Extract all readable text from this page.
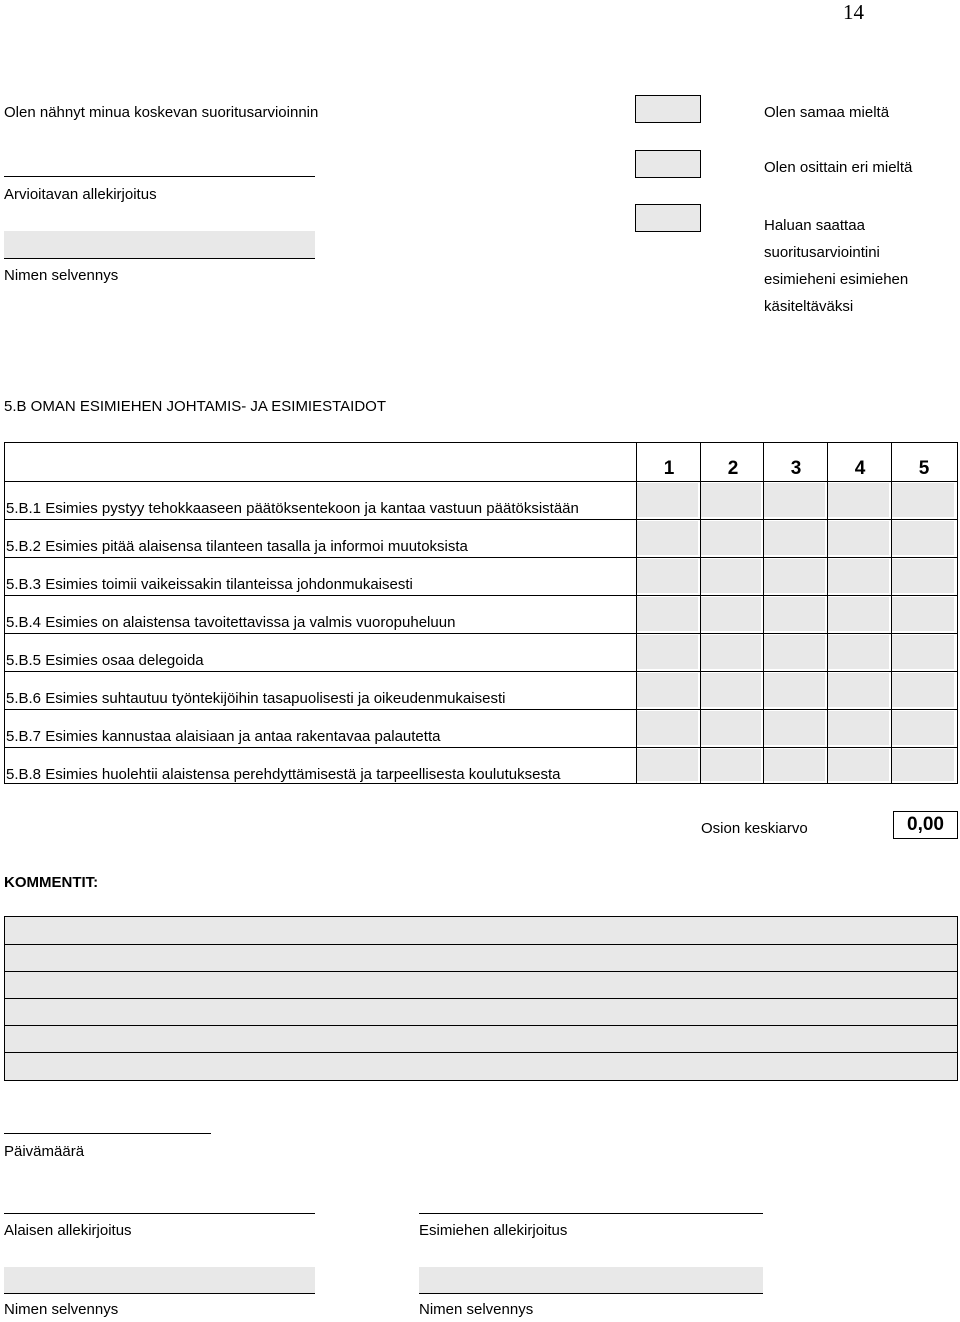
14
Olen nähnyt minua koskevan suoritusarvioinnin
Arvioitavan allekirjoitus
Nimen selvennys
Olen samaa mieltä
Olen osittain eri mieltä
Haluan saattaa
suoritusarviointini
esimieheni esimiehen
käsiteltäväksi
5.B OMAN ESIMIEHEN JOHTAMIS- JA ESIMIESTAIDOT
1	2	3	4	5
5.B.1 Esimies pystyy tehokkaaseen päätöksentekoon ja kantaa vastuun päätöksistään
5.B.2 Esimies pitää alaisensa tilanteen tasalla ja informoi muutoksista
5.B.3 Esimies toimii vaikeissakin tilanteissa johdonmukaisesti
5.B.4 Esimies on alaistensa tavoitettavissa ja valmis vuoropuheluun
5.B.5 Esimies osaa delegoida
5.B.6 Esimies suhtautuu työntekijöihin tasapuolisesti ja oikeudenmukaisesti
5.B.7 Esimies kannustaa alaisiaan ja antaa rakentavaa palautetta
5.B.8 Esimies huolehtii alaistensa perehdyttämisestä ja tarpeellisesta koulutuksesta
Osion keskiarvo	0,00
KOMMENTIT:
Päivämäärä
Alaisen allekirjoitus	Esimiehen allekirjoitus
Nimen selvennys	Nimen selvennys
